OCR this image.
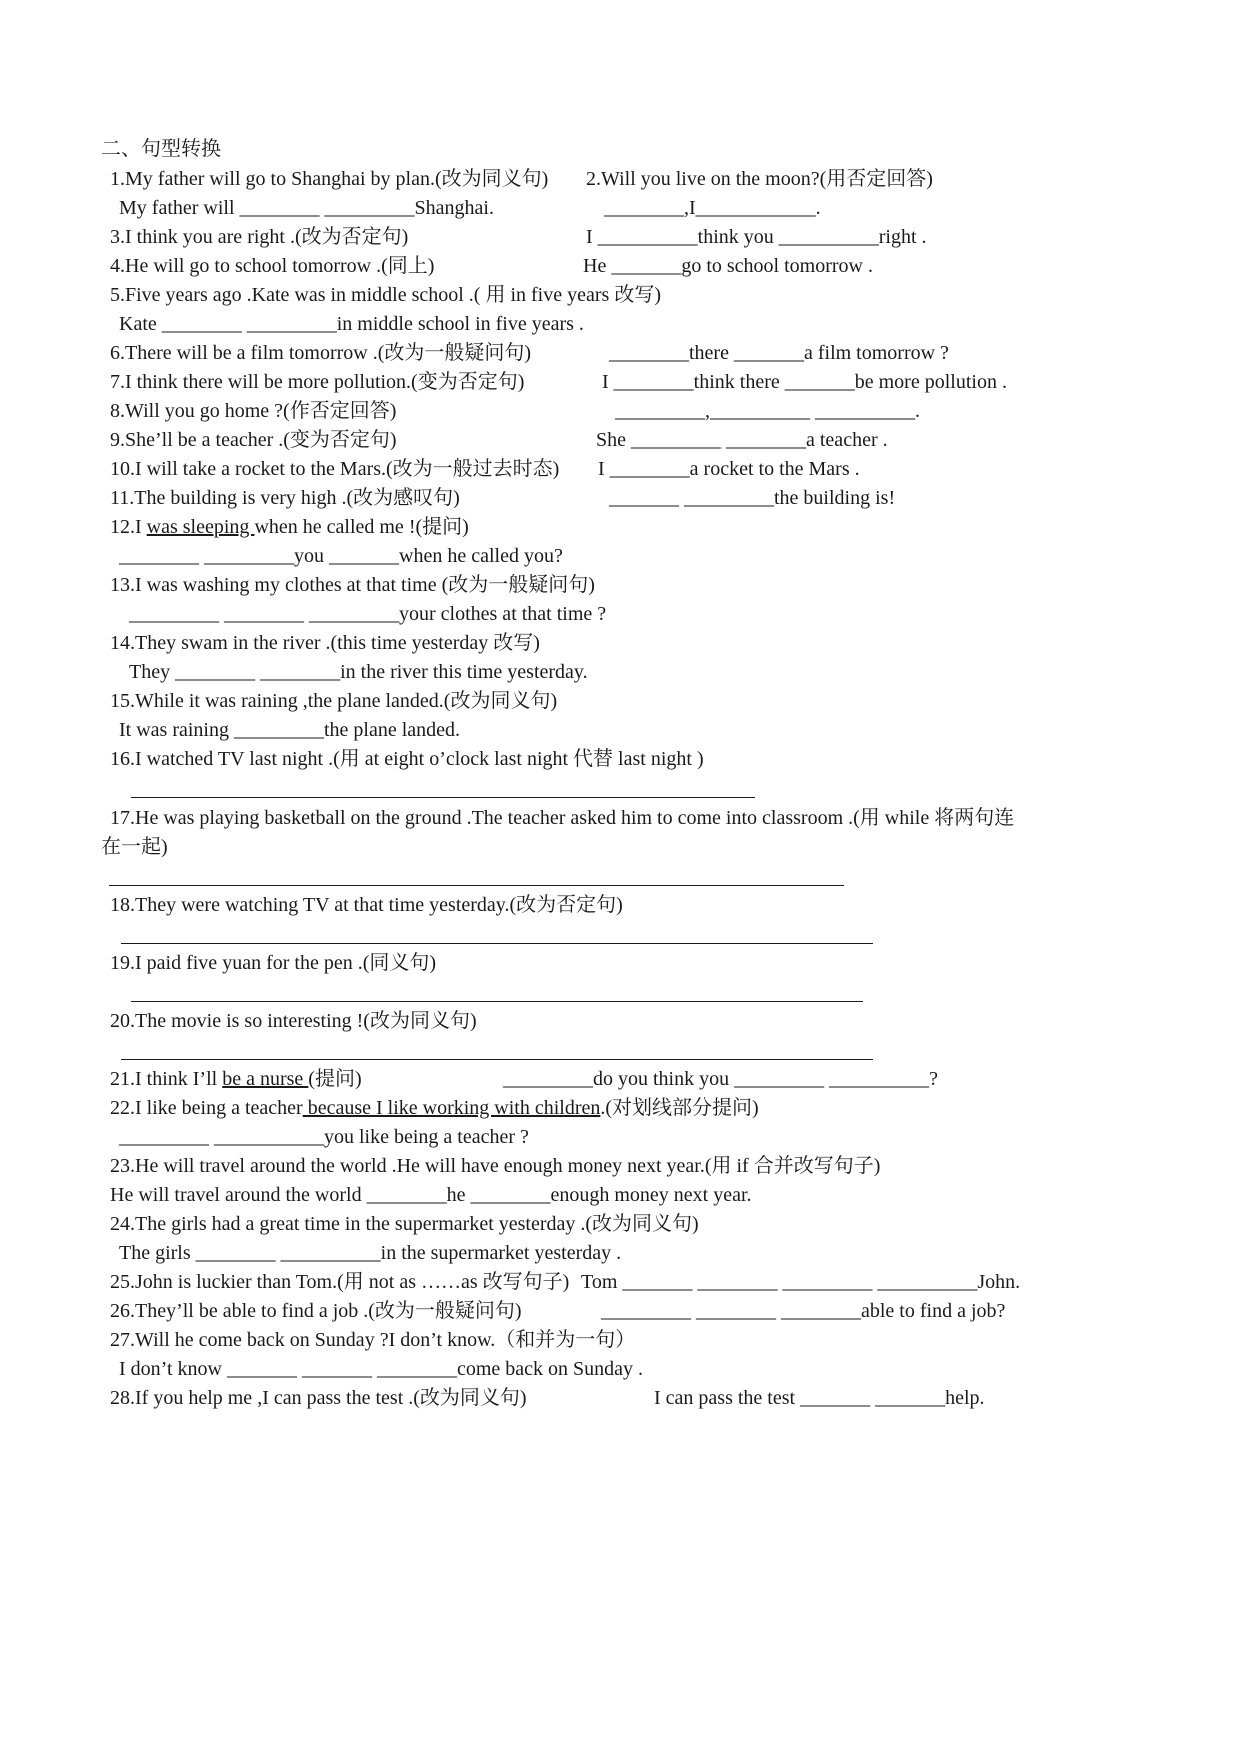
二、句型转换
1.My father will go to Shanghai by plan.(改为同义句) 2.Will you live on the moon?(用否定回答)
My father will ________ _________Shanghai.	________,I____________.
3.I think you are right .(改为否定句)	I __________think you __________right .
4.He will go to school tomorrow .(同上)	He _______go to school tomorrow .
5.Five years ago .Kate was in middle school .( 用 in five years 改写)
Kate ________ _________in middle school in five years .
6.There will be a film tomorrow .(改为一般疑问句)	________there _______a film tomorrow ?
7.I think there will be more pollution.(变为否定句)	I ________think there _______be more pollution .
8.Will you go home ?(作否定回答)	_________,__________ __________.
9.She’ll be a teacher .(变为否定句)	She _________ ________a teacher .
10.I will take a rocket to the Mars.(改为一般过去时态) I ________a rocket to the Mars .
11.The building is very high .(改为感叹句)	_______ _________the building is!
12.I was sleeping when he called me !(提问)
________ _________you _______when he called you?
13.I was washing my clothes at that time (改为一般疑问句)
_________ ________ _________your clothes at that time ?
14.They swam in the river .(this time yesterday 改写)
They ________ ________in the river this time yesterday.
15.While it was raining ,the plane landed.(改为同义句)
It was raining _________the plane landed.
16.I watched TV last night .(用 at eight o’clock last night 代替 last night )
17.He was playing basketball on the ground .The teacher asked him to come into classroom .(用 while 将两句连
在一起)
18.They were watching TV at that time yesterday.(改为否定句)
19.I paid five yuan for the pen .(同义句)
20.The movie is so interesting !(改为同义句)
21.I think I’ll be a nurse (提问)	_________do you think you _________ __________?
22.I like being a teacher because I like working with children.(对划线部分提问)
_________ ___________you like being a teacher ?
23.He will travel around the world .He will have enough money next year.(用 if 合并改写句子)
He will travel around the world ________he ________enough money next year.
24.The girls had a great time in the supermarket yesterday .(改为同义句)
The girls ________ __________in the supermarket yesterday .
25.John is luckier than Tom.(用 not as ……as 改写句子) Tom _______ ________ _________ __________John.
26.They’ll be able to find a job .(改为一般疑问句)	_________ ________ ________able to find a job?
27.Will he come back on Sunday ?I don’t know.（和并为一句）
I don’t know _______ _______ ________come back on Sunday .
28.If you help me ,I can pass the test .(改为同义句)	I can pass the test _______ _______help.
